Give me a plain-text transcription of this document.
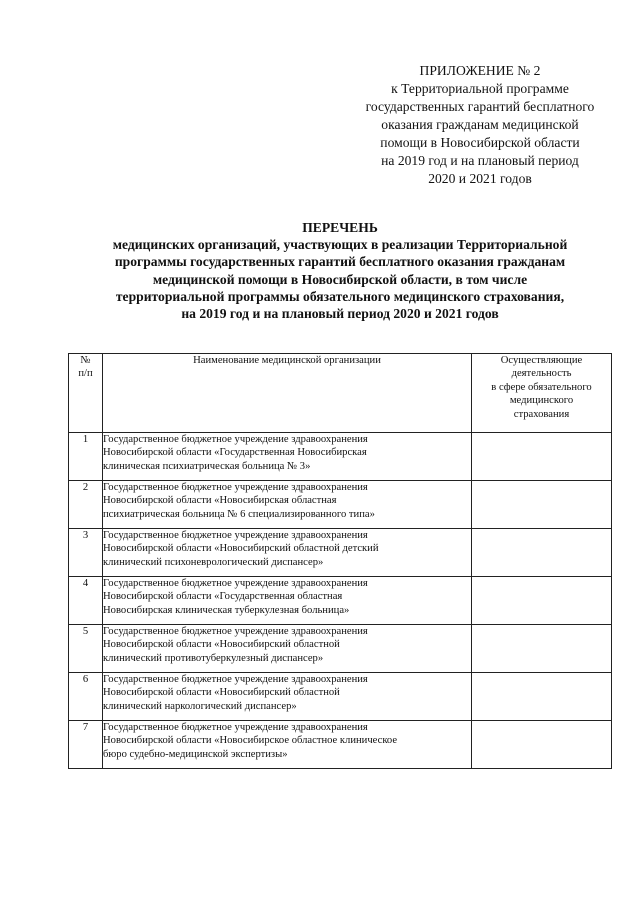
ПРИЛОЖЕНИЕ № 2
к Территориальной программе
государственных гарантий бесплатного
оказания гражданам медицинской
помощи в Новосибирской области
на 2019 год и на плановый период
2020 и 2021 годов
ПЕРЕЧЕНЬ
медицинских организаций, участвующих в реализации Территориальной
программы государственных гарантий бесплатного оказания гражданам
медицинской помощи в Новосибирской области, в том числе
территориальной программы обязательного медицинского страхования,
на 2019 год и на плановый период 2020 и 2021 годов
№
п/п	Наименование медицинской организации	Осуществляющие
деятельность
в сфере обязательного
медицинского
страхования

1	Государственное бюджетное учреждение здравоохранения
Новосибирской области «Государственная Новосибирская
клиническая психиатрическая больница № 3»	

2	Государственное бюджетное учреждение здравоохранения
Новосибирской области «Новосибирская областная
психиатрическая больница № 6 специализированного типа»	

3	Государственное бюджетное учреждение здравоохранения
Новосибирской области «Новосибирский областной детский
клинический психоневрологический диспансер»	

4	Государственное бюджетное учреждение здравоохранения
Новосибирской области «Государственная областная
Новосибирская клиническая туберкулезная больница»	

5	Государственное бюджетное учреждение здравоохранения
Новосибирской области «Новосибирский областной
клинический противотуберкулезный диспансер»	

6	Государственное бюджетное учреждение здравоохранения
Новосибирской области «Новосибирский областной
клинический наркологический диспансер»	

7	Государственное бюджетное учреждение здравоохранения
Новосибирской области «Новосибирское областное клиническое
бюро судебно-медицинской экспертизы»	
